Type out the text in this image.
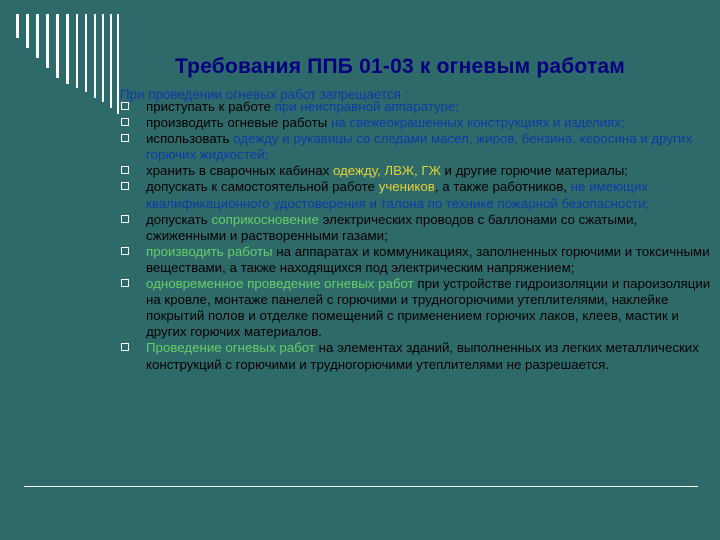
Требования ППБ 01-03 к огневым работам
При проведении огневых работ запрещается :
приступать к работе при неисправной аппаратуре;
производить огневые работы на свежеокрашенных конструкциях и изделиях;
использовать одежду и рукавицы со следами масел, жиров, бензина, керосина и других горючих жидкостей;
хранить в сварочных кабинах одежду, ЛВЖ, ГЖ и другие горючие материалы;
допускать к самостоятельной работе учеников, а также работников, не имеющих квалификационного удостоверения и талона по технике пожарной безопасности;
допускать соприкосновение электрических проводов с баллонами со сжатыми, сжиженными и растворенными газами;
производить работы на аппаратах и коммуникациях, заполненных горючими и токсичными веществами, а также находящихся под электрическим напряжением;
одновременное проведение огневых работ при устройстве гидроизоляции и пароизоляции на кровле, монтаже панелей с горючими и трудногорючими утеплителями, наклейке покрытий полов и отделке помещений с применением горючих лаков, клеев, мастик и других горючих материалов.
Проведение огневых работ на элементах зданий, выполненных из легких металлических конструкций с горючими и трудногорючими утеплителями не разрешается.
